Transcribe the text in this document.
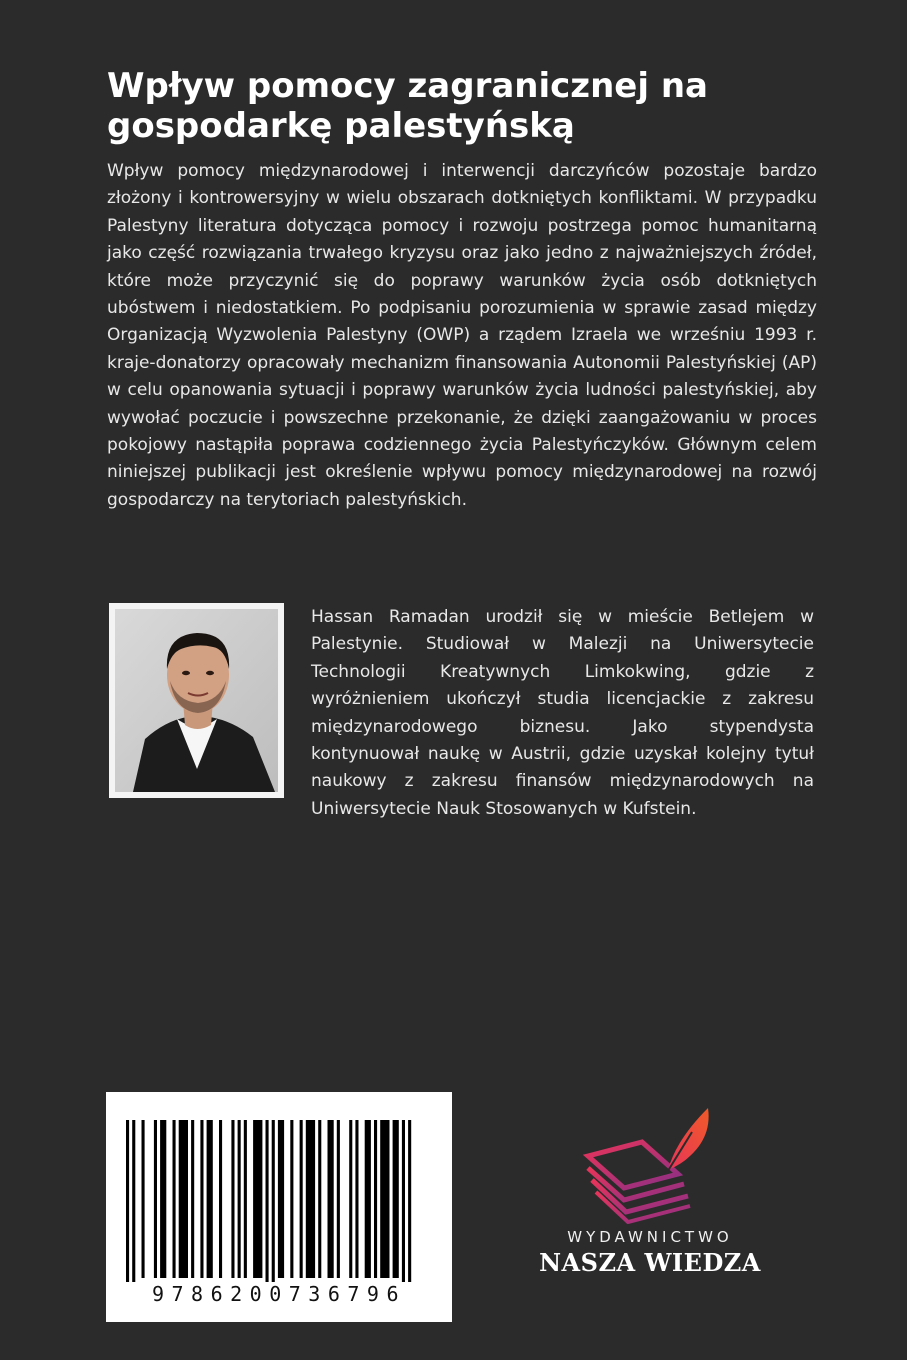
Wpływ pomocy zagranicznej na gospodarkę palestyńską

Wpływ pomocy międzynarodowej i interwencji darczyńców pozostaje bardzo złożony i kontrowersyjny w wielu obszarach dotkniętych konfliktami. W przypadku Palestyny literatura dotycząca pomocy i rozwoju postrzega pomoc humanitarną jako część rozwiązania trwałego kryzysu oraz jako jedno z najważniejszych źródeł, które może przyczynić się do poprawy warunków życia osób dotkniętych ubóstwem i niedostatkiem. Po podpisaniu porozumienia w sprawie zasad między Organizacją Wyzwolenia Palestyny (OWP) a rządem Izraela we wrześniu 1993 r. kraje-donatorzy opracowały mechanizm finansowania Autonomii Palestyńskiej (AP) w celu opanowania sytuacji i poprawy warunków życia ludności palestyńskiej, aby wywołać poczucie i powszechne przekonanie, że dzięki zaangażowaniu w proces pokojowy nastąpiła poprawa codziennego życia Palestyńczyków. Głównym celem niniejszej publikacji jest określenie wpływu pomocy międzynarodowej na rozwój gospodarczy na terytoriach palestyńskich.

Hassan Ramadan urodził się w mieście Betlejem w Palestynie. Studiował w Malezji na Uniwersytecie Technologii Kreatywnych Limkokwing, gdzie z wyróżnieniem ukończył studia licencjackie z zakresu międzynarodowego biznesu. Jako stypendysta kontynuował naukę w Austrii, gdzie uzyskał kolejny tytuł naukowy z zakresu finansów międzynarodowych na Uniwersytecie Nauk Stosowanych w Kufstein.

9786200736796
WYDAWNICTWO
NASZA WIEDZA
